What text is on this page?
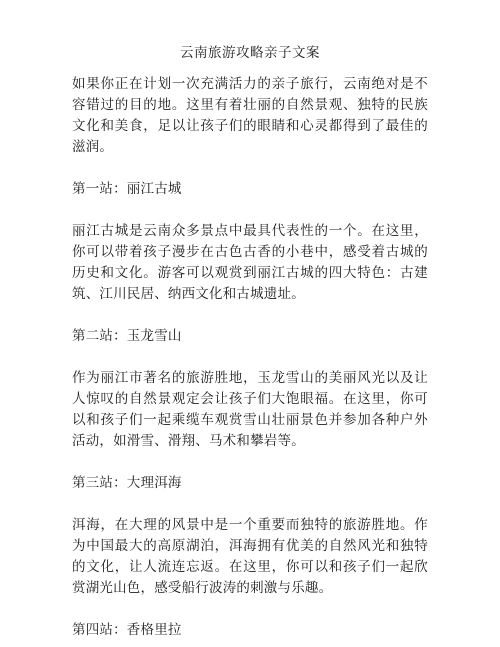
云南旅游攻略亲子文案

如果你正在计划一次充满活力的亲子旅行，云南绝对是不容错过的目的地。这里有着壮丽的自然景观、独特的民族文化和美食，足以让孩子们的眼睛和心灵都得到了最佳的滋润。

第一站：丽江古城

丽江古城是云南众多景点中最具代表性的一个。在这里，你可以带着孩子漫步在古色古香的小巷中，感受着古城的历史和文化。游客可以观赏到丽江古城的四大特色：古建筑、江川民居、纳西文化和古城遗址。

第二站：玉龙雪山

作为丽江市著名的旅游胜地，玉龙雪山的美丽风光以及让人惊叹的自然景观定会让孩子们大饱眼福。在这里，你可以和孩子们一起乘缆车观赏雪山壮丽景色并参加各种户外活动，如滑雪、滑翔、马术和攀岩等。

第三站：大理洱海

洱海，在大理的风景中是一个重要而独特的旅游胜地。作为中国最大的高原湖泊，洱海拥有优美的自然风光和独特的文化，让人流连忘返。在这里，你可以和孩子们一起欣赏湖光山色，感受船行波涛的刺激与乐趣。

第四站：香格里拉
